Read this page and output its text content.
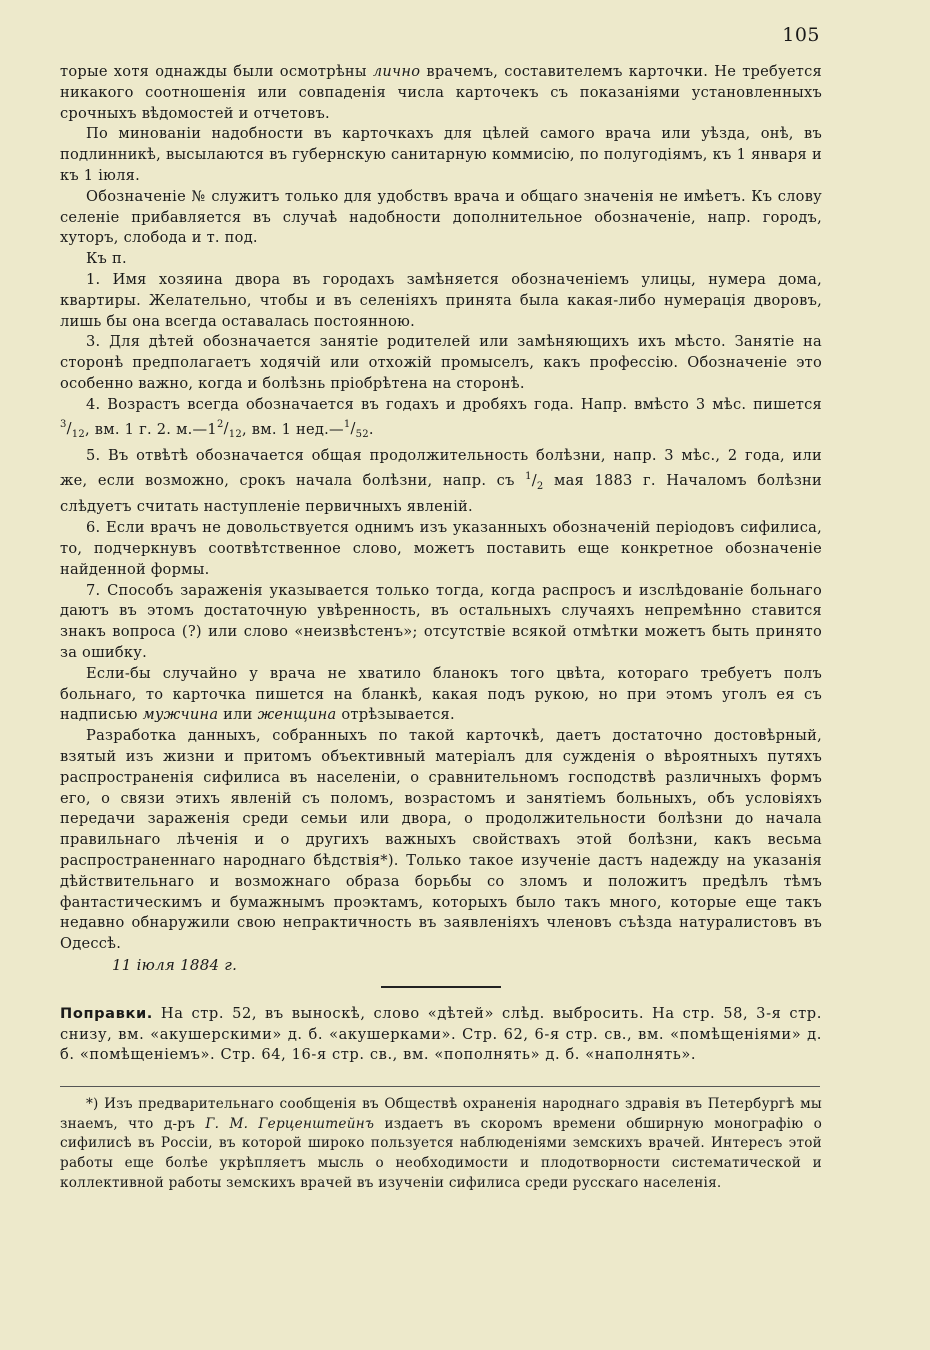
105

торые хотя однажды были осмотрѣны лично врачемъ, составителемъ карточки. Не требуется никакого соотношенія или совпаденія числа карточекъ съ показаніями установленныхъ срочныхъ вѣдомостей и отчетовъ.

По минованіи надобности въ карточкахъ для цѣлей самого врача или уѣзда, онѣ, въ подлинникѣ, высылаются въ губернскую санитарную коммисію, по полугодіямъ, къ 1 января и къ 1 іюля.

Обозначеніе № служитъ только для удобствъ врача и общаго значенія не имѣетъ. Къ слову селеніе прибавляется въ случаѣ надобности дополнительное обозначеніе, напр. городъ, хуторъ, слобода и т. под.

Къ п.

1. Имя хозяина двора въ городахъ замѣняется обозначеніемъ улицы, нумера дома, квартиры. Желательно, чтобы и въ селеніяхъ принята была какая-либо нумерація дворовъ, лишь бы она всегда оставалась постоянною.

3. Для дѣтей обозначается занятіе родителей или замѣняющихъ ихъ мѣсто. Занятіе на сторонѣ предполагаетъ ходячій или отхожій промыселъ, какъ профессію. Обозначеніе это особенно важно, когда и болѣзнь пріобрѣтена на сторонѣ.

4. Возрастъ всегда обозначается въ годахъ и дробяхъ года. Напр. вмѣсто 3 мѣс. пишется $^3/_{12}$, вм. 1 г. 2. $м.—1^2/_{12}$, вм. 1 $нед.—^1/_{52}$.

5. Въ отвѣтѣ обозначается общая продолжительность болѣзни, напр. 3 мѣс., 2 года, или же, если возможно, срокъ начала болѣзни, напр. съ $^1/_2$ мая 1883 г. Началомъ болѣзни слѣдуетъ считать наступленіе первичныхъ явленій.

6. Если врачъ не довольствуется однимъ изъ указанныхъ обозначеній періодовъ сифилиса, то, подчеркнувъ соотвѣтственное слово, можетъ поставить еще конкретное обозначеніе найденной формы.

7. Способъ зараженія указывается только тогда, когда распросъ и изслѣдованіе больнаго даютъ въ этомъ достаточную увѣренность, въ остальныхъ случаяхъ непремѣнно ставится знакъ вопроса (?) или слово «неизвѣстенъ»; отсутствіе всякой отмѣтки можетъ быть принято за ошибку.

Если-бы случайно у врача не хватило бланокъ того цвѣта, котораго требуетъ полъ больнаго, то карточка пишется на бланкѣ, какая подъ рукою, но при этомъ уголъ ея съ надписью мужчина или женщина отрѣзывается.

Разработка данныхъ, собранныхъ по такой карточкѣ, даетъ достаточно достовѣрный, взятый изъ жизни и притомъ объективный матеріалъ для сужденія о вѣроятныхъ путяхъ распространенія сифилиса въ населеніи, о сравнительномъ господствѣ различныхъ формъ его, о связи этихъ явленій съ поломъ, возрастомъ и занятіемъ больныхъ, объ условіяхъ передачи зараженія среди семьи или двора, о продолжительности болѣзни до начала правильнаго лѣченія и о другихъ важныхъ свойствахъ этой болѣзни, какъ весьма распространеннаго народнаго бѣдствія*). Только такое изученіе дастъ надежду на указанія дѣйствительнаго и возможнаго образа борьбы со зломъ и положитъ предѣлъ тѣмъ фантастическимъ и бумажнымъ проэктамъ, которыхъ было такъ много, которые еще такъ недавно обнаружили свою непрактичность въ заявленіяхъ членовъ съѣзда натуралистовъ въ Одессѣ.

11 іюля 1884 г.

Поправки. На стр. 52, въ выноскѣ, слово «дѣтей» слѣд. выбросить. На стр. 58, 3-я стр. снизу, вм. «акушерскими» д. б. «акушерками». Стр. 62, 6-я стр. св., вм. «помѣщеніями» д. б. «помѣщеніемъ». Стр. 64, 16-я стр. св., вм. «пополнять» д. б. «наполнять».

*) Изъ предварительнаго сообщенія въ Обществѣ охраненія народнаго здравія въ Петербургѣ мы знаемъ, что д-ръ Г. М. Герценштейнъ издаетъ въ скоромъ времени обширную монографію о сифилисѣ въ Россіи, въ которой широко пользуется наблюденіями земскихъ врачей. Интересъ этой работы еще болѣе укрѣпляетъ мысль о необходимости и плодотворности систематической и коллективной работы земскихъ врачей въ изученіи сифилиса среди русскаго населенія.
